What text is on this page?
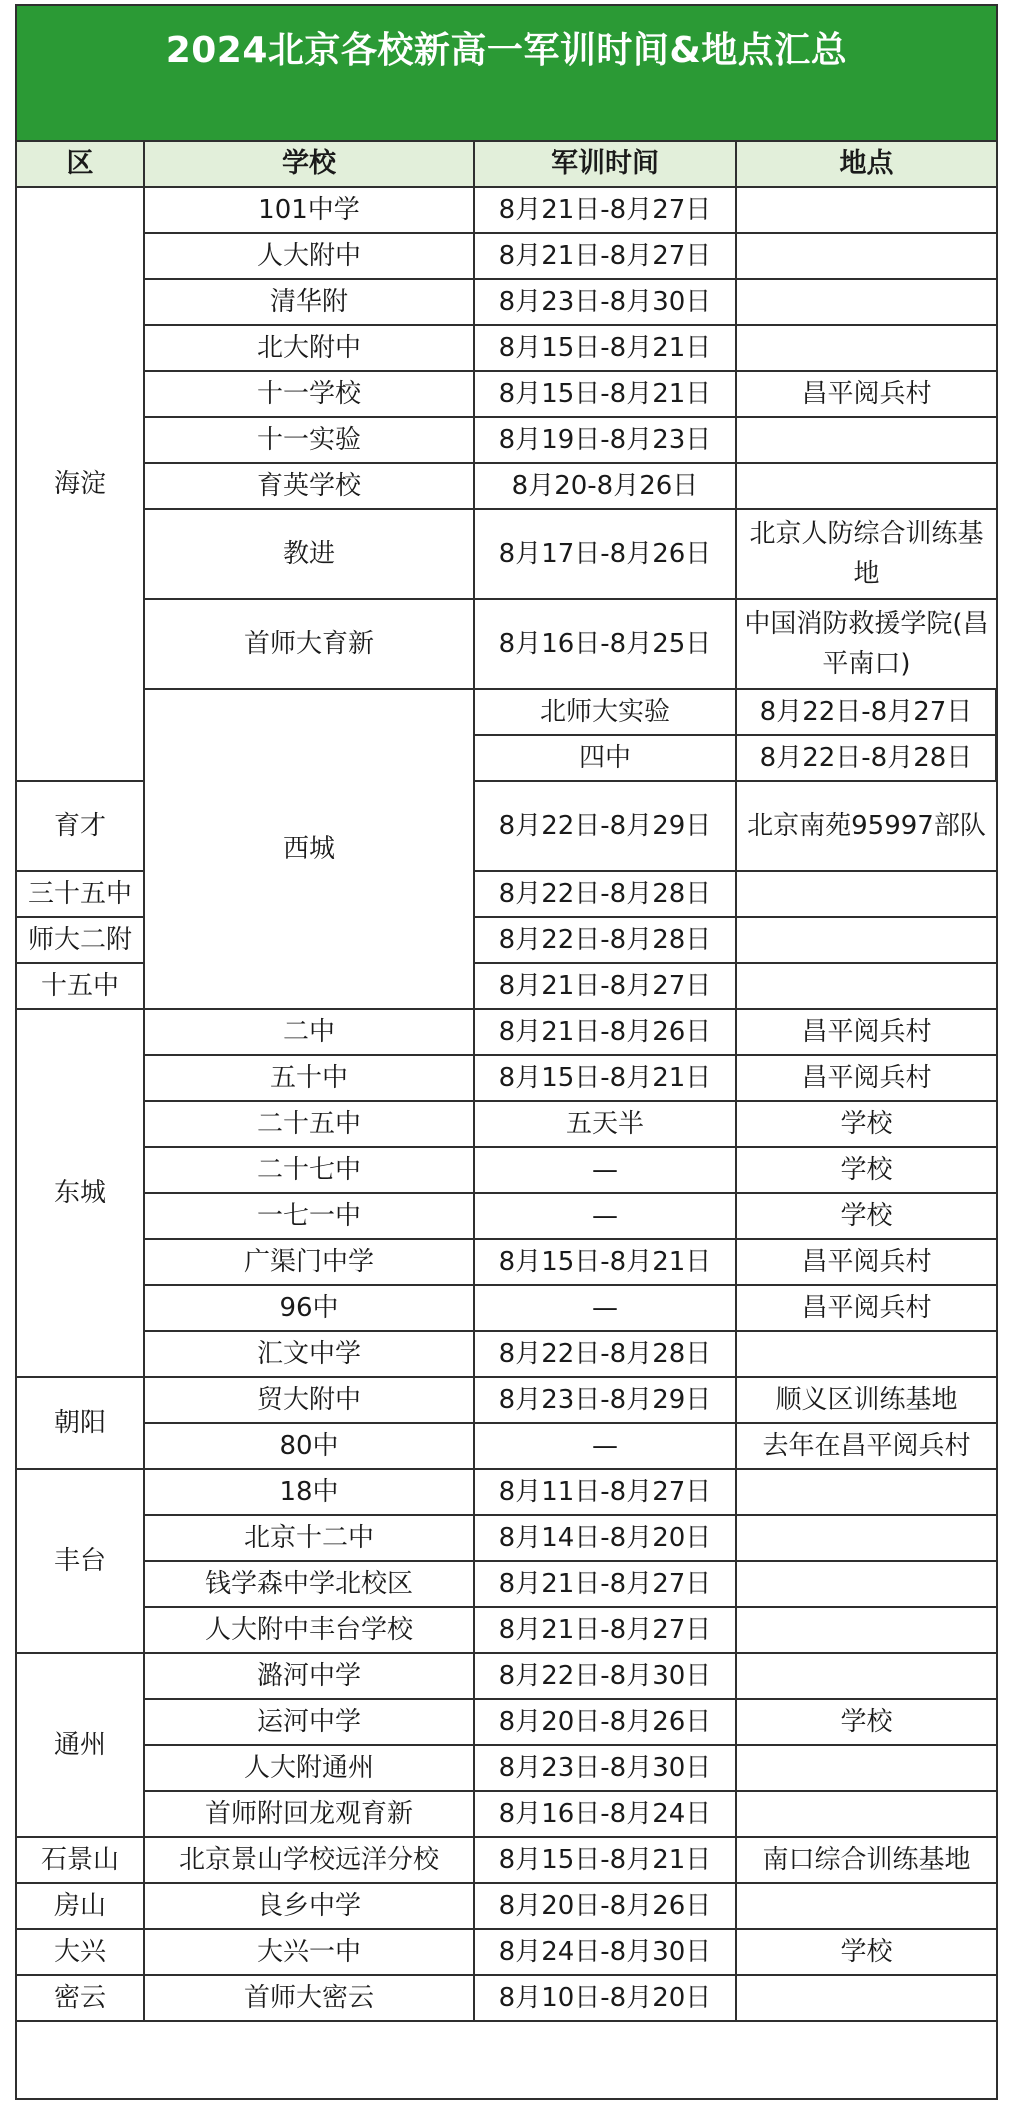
2024北京各校新高一军训时间&地点汇总
区	学校	军训时间	地点	
海淀	101中学	8月21日-8月27日		
	人大附中	8月21日-8月27日		
	清华附	8月23日-8月30日		
	北大附中	8月15日-8月21日		
	十一学校	8月15日-8月21日	昌平阅兵村	
	十一实验	8月19日-8月23日		
	育英学校	8月20-8月26日		
	教进	8月17日-8月26日	北京人防综合训练基地	
	首师大育新	8月16日-8月25日	中国消防救援学院(昌平南口)	
	西城	北师大实验	8月22日-8月27日	
		四中	8月22日-8月28日	
育才		8月22日-8月29日	北京南苑95997部队	
三十五中		8月22日-8月28日		
师大二附		8月22日-8月28日		
十五中		8月21日-8月27日		
东城	二中	8月21日-8月26日	昌平阅兵村	
	五十中	8月15日-8月21日	昌平阅兵村	
	二十五中	五天半	学校	
	二十七中	—	学校	
	一七一中	—	学校	
	广渠门中学	8月15日-8月21日	昌平阅兵村	
	96中	—	昌平阅兵村	
	汇文中学	8月22日-8月28日		
朝阳	贸大附中	8月23日-8月29日	顺义区训练基地	
	80中	—	去年在昌平阅兵村	
丰台	18中	8月11日-8月27日		
	北京十二中	8月14日-8月20日		
	钱学森中学北校区	8月21日-8月27日		
	人大附中丰台学校	8月21日-8月27日		
通州	潞河中学	8月22日-8月30日		
	运河中学	8月20日-8月26日	学校	
	人大附通州	8月23日-8月30日		
	首师附回龙观育新	8月16日-8月24日		
石景山	北京景山学校远洋分校	8月15日-8月21日	南口综合训练基地	
房山	良乡中学	8月20日-8月26日		
大兴	大兴一中	8月24日-8月30日	学校	
密云	首师大密云	8月10日-8月20日		
